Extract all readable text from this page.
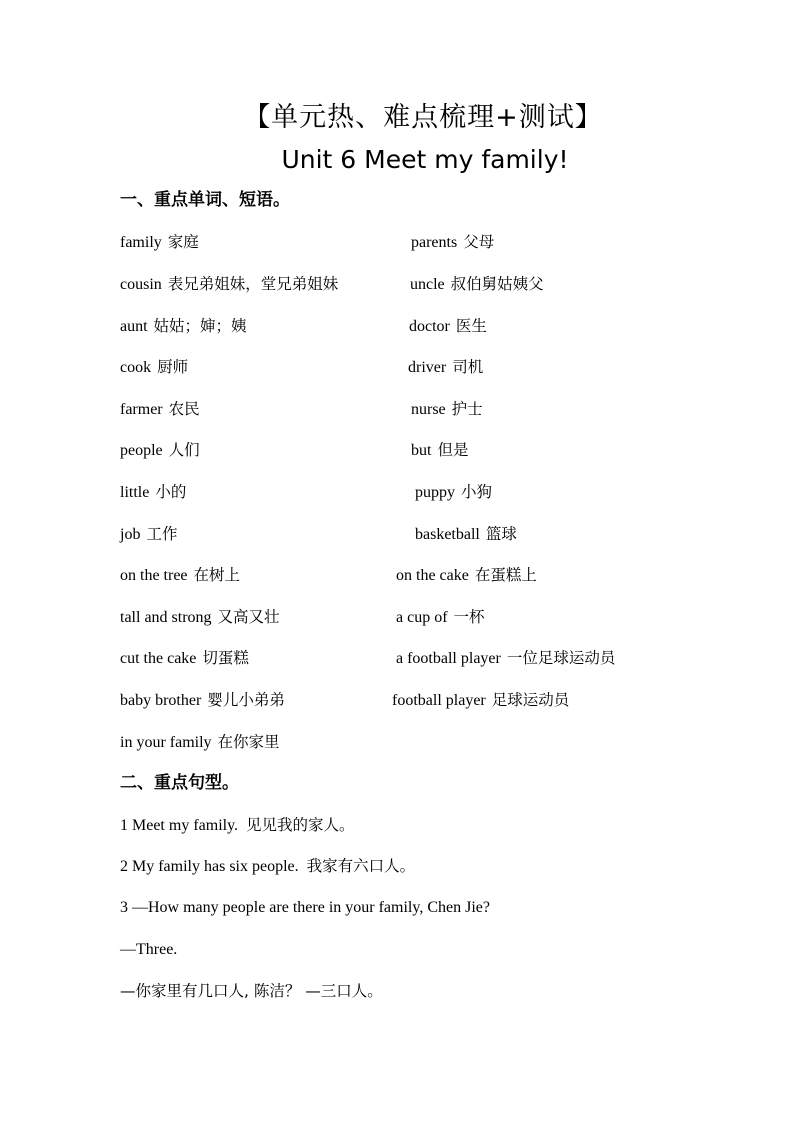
【单元热、难点梳理+测试】
Unit 6 Meet my family!
一、重点单词、短语。
family 家庭
cousin 表兄弟姐妹，堂兄弟姐妹
aunt 姑姑；婶；姨
cook 厨师
farmer 农民
people 人们
little 小的
job 工作
on the tree 在树上
tall and strong 又高又壮
cut the cake 切蛋糕
baby brother 婴儿小弟弟
in your family 在你家里
parents 父母
uncle 叔伯舅姑姨父
doctor 医生
driver 司机
nurse 护士
but 但是
puppy 小狗
basketball 篮球
on the cake 在蛋糕上
a cup of 一杯
a football player 一位足球运动员
football player 足球运动员
二、重点句型。
1 Meet my family. 见见我的家人。
2 My family has six people. 我家有六口人。
3 —How many people are there in your family, Chen Jie?
—Three.
—你家里有几口人, 陈洁？ —三口人。
